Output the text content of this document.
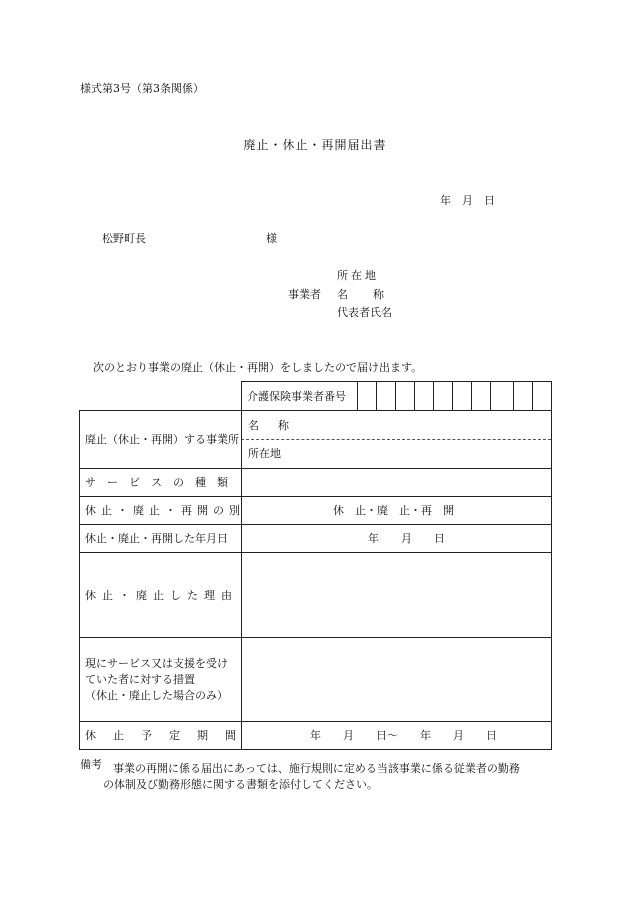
様式第3号（第3条関係）
廃止・休止・再開届出書
年　月　日
松野町長	様
事業者
所在地
名　　称
代表者氏名
次のとおり事業の廃止（休止・再開）をしましたので届け出ます。
介護保険事業者番号
廃止（休止・再開）する事業所
名　称
所在地
サービスの種類
休止・廃止・再開の別	休　止・廃　止・再　開
休止・廃止・再開した年月日	年　　月　　日
休止・廃止した理由
現にサービス又は支援を受け
ていた者に対する措置
（休止・廃止した場合のみ）
休止予定期間	年　　月　　日〜　　年　　月　　日
備考 事業の再開に係る届出にあっては、施行規則に定める当該事業に係る従業者の勤務
の体制及び勤務形態に関する書類を添付してください。
